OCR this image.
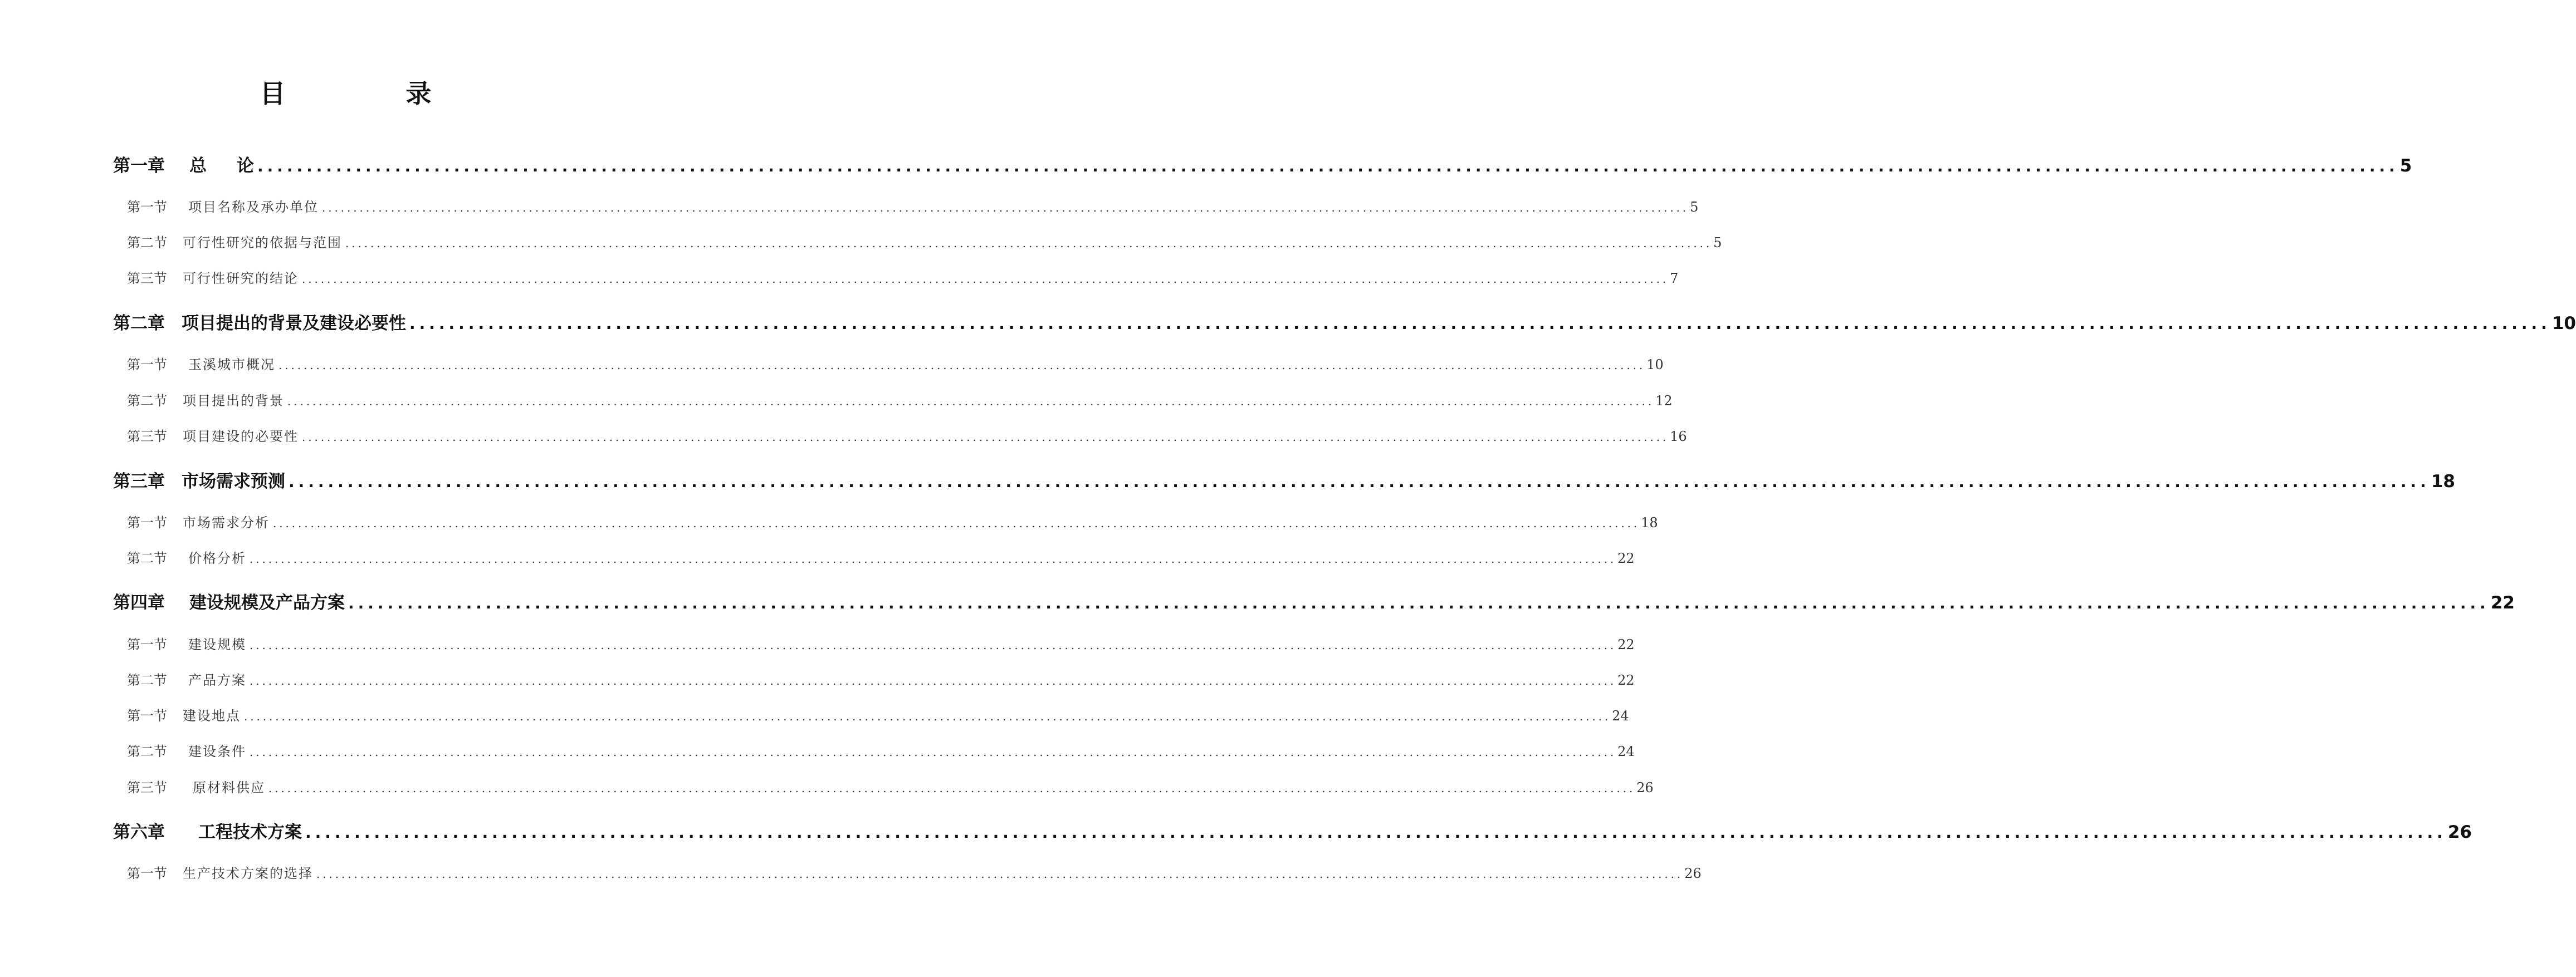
目 录
第一章 总     论 .......................................................................................................................................................................................................................... 5
第一节 项目名称及承办单位 .......................................................................................................................................................................................................................... 5
第二节 可行性研究的依据与范围 .......................................................................................................................................................................................................................... 5
第三节 可行性研究的结论 .......................................................................................................................................................................................................................... 7
第二章 项目提出的背景及建设必要性 .......................................................................................................................................................................................................................... 10
第一节 玉溪城市概况 .......................................................................................................................................................................................................................... 10
第二节 项目提出的背景 .......................................................................................................................................................................................................................... 12
第三节 项目建设的必要性 .......................................................................................................................................................................................................................... 16
第三章 市场需求预测 .......................................................................................................................................................................................................................... 18
第一节 市场需求分析 .......................................................................................................................................................................................................................... 18
第二节 价格分析 .......................................................................................................................................................................................................................... 22
第四章 建设规模及产品方案 .......................................................................................................................................................................................................................... 22
第一节 建设规模 .......................................................................................................................................................................................................................... 22
第二节 产品方案 .......................................................................................................................................................................................................................... 22
第一节 建设地点 .......................................................................................................................................................................................................................... 24
第二节 建设条件 .......................................................................................................................................................................................................................... 24
第三节 原材料供应 .......................................................................................................................................................................................................................... 26
第六章 工程技术方案 .......................................................................................................................................................................................................................... 26
第一节 生产技术方案的选择 .......................................................................................................................................................................................................................... 26
